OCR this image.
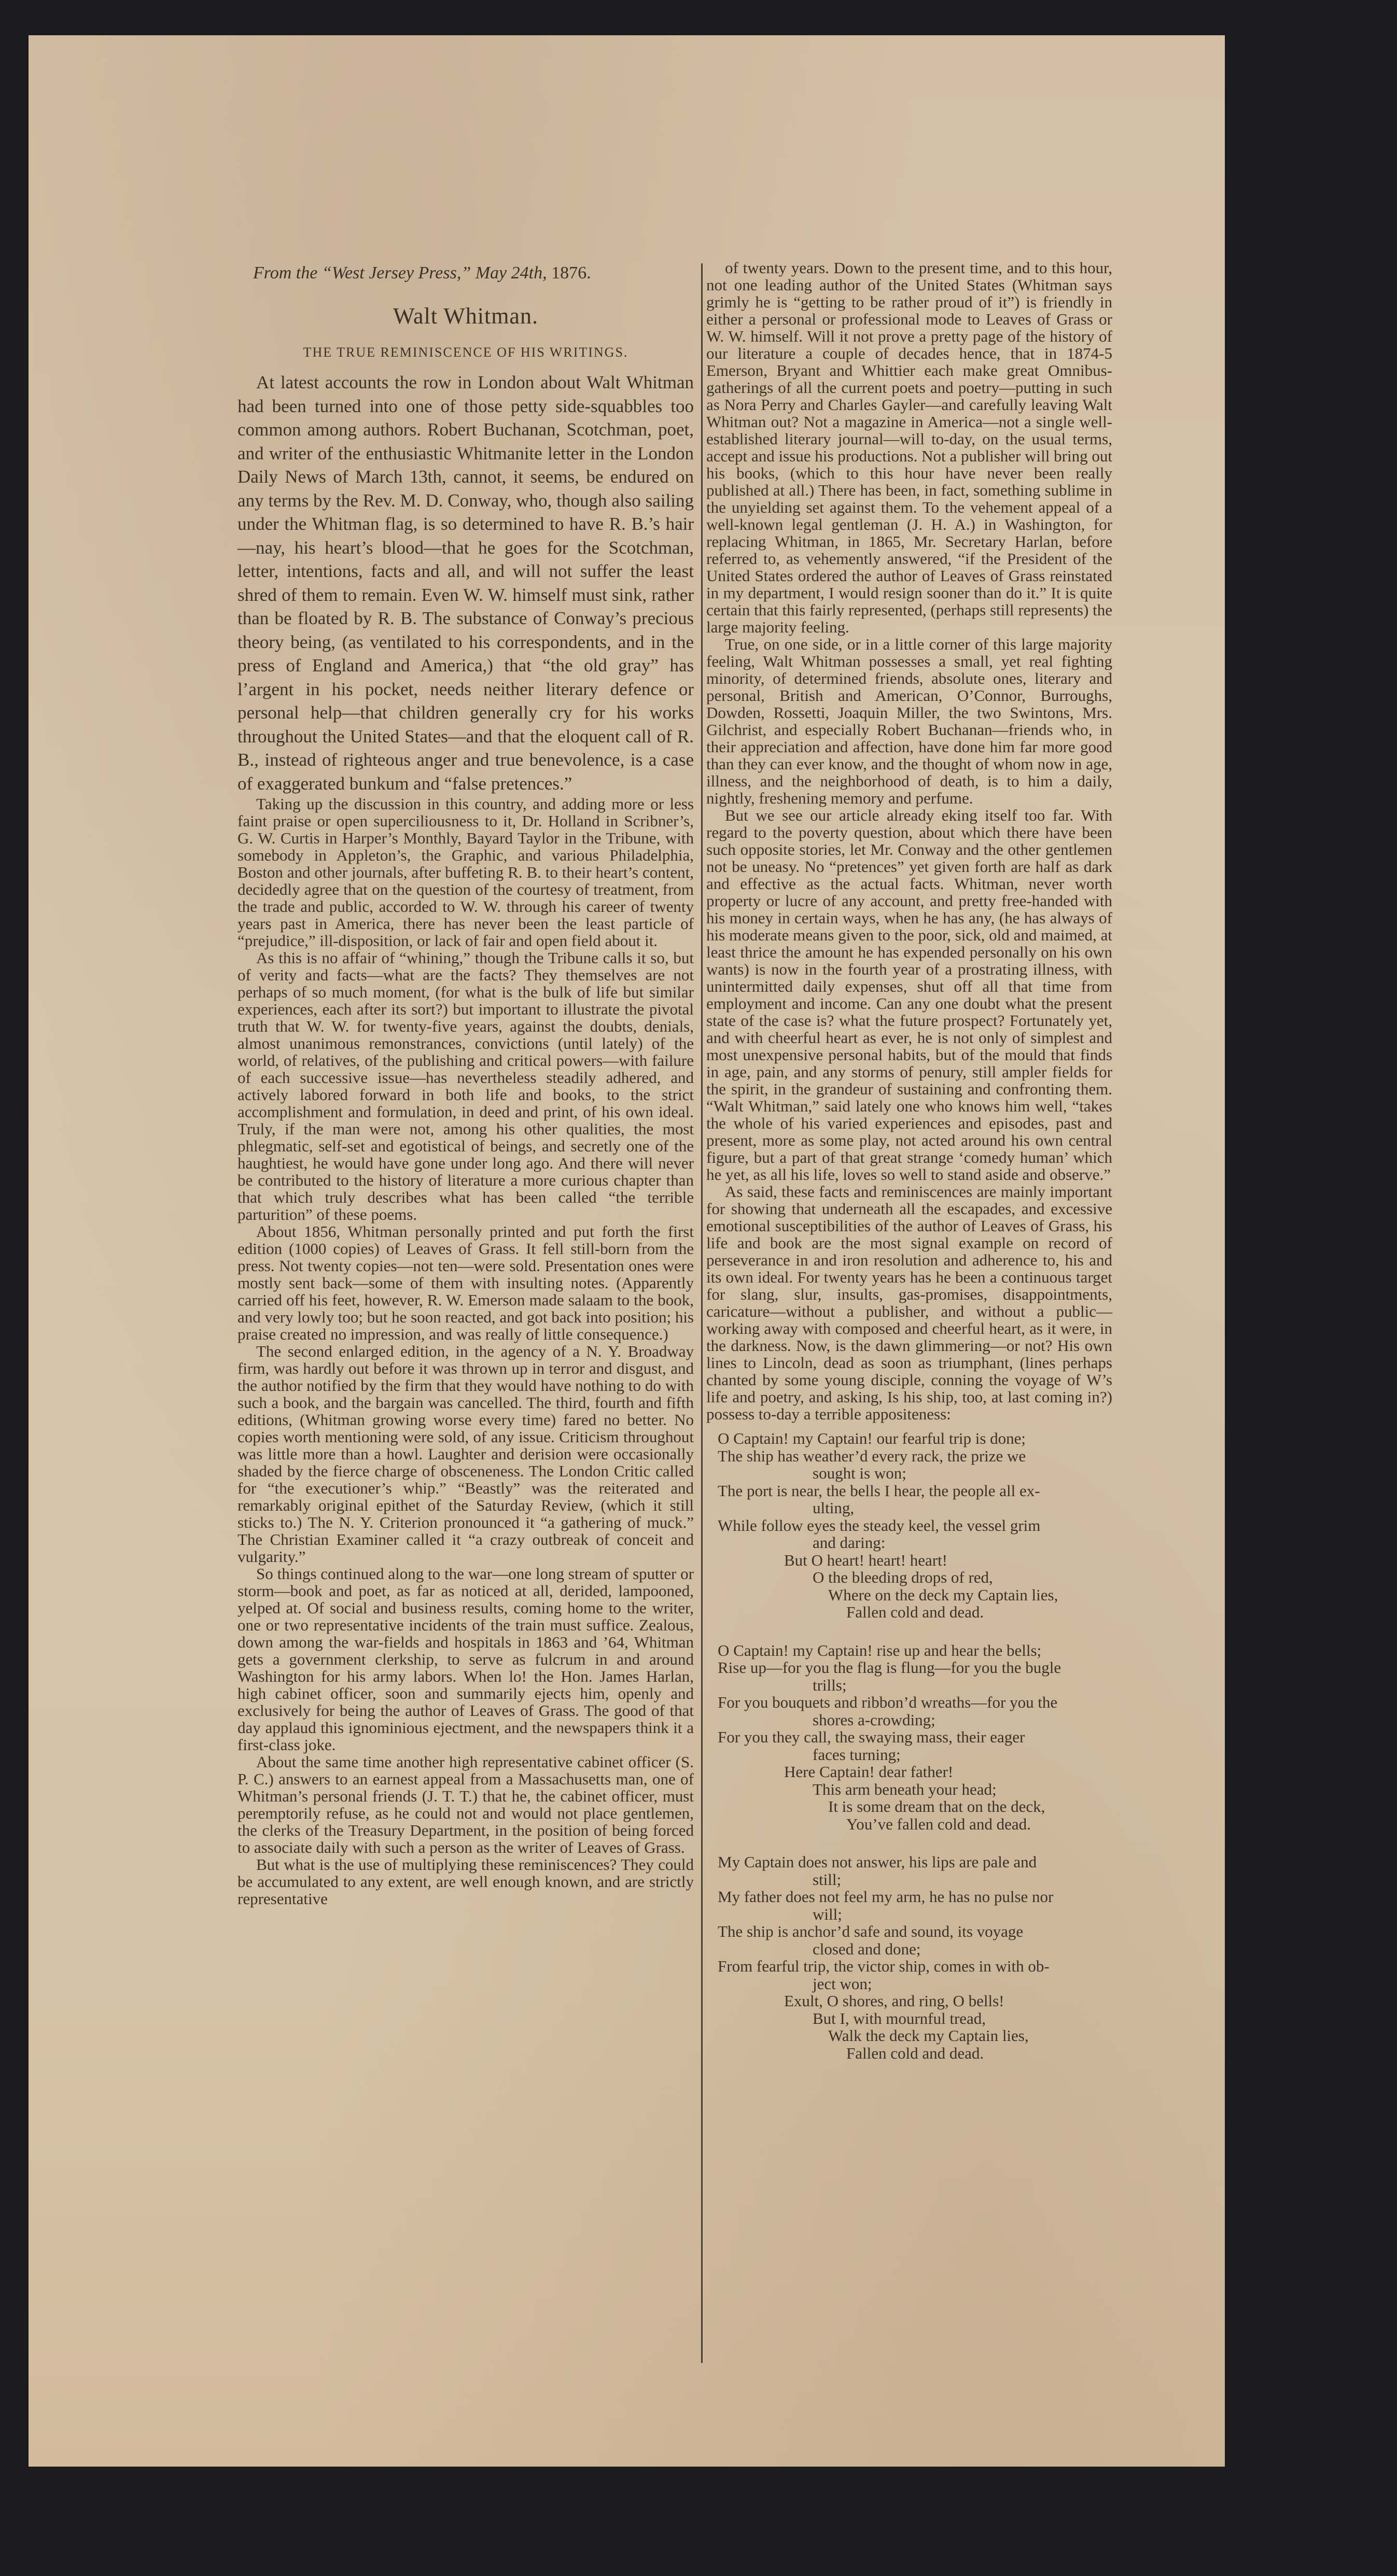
From the “West Jersey Press,” May 24th, 1876.
Walt Whitman.
THE TRUE REMINISCENCE OF HIS WRITINGS.

At latest accounts the row in London about Walt Whitman had been turned into one of those petty side-squabbles too common among authors. Robert Buchanan, Scotchman, poet, and writer of the enthusiastic Whitmanite letter in the London Daily News of March 13th, cannot, it seems, be endured on any terms by the Rev. M. D. Conway, who, though also sailing under the Whitman flag, is so determined to have R. B.’s hair—nay, his heart’s blood—that he goes for the Scotchman, letter, intentions, facts and all, and will not suffer the least shred of them to remain. Even W. W. himself must sink, rather than be floated by R. B. The substance of Conway’s precious theory being, (as ventilated to his correspondents, and in the press of England and America,) that “the old gray” has l’argent in his pocket, needs neither literary defence or personal help—that children generally cry for his works throughout the United States—and that the eloquent call of R. B., instead of righteous anger and true benevolence, is a case of exaggerated bunkum and “false pretences.”

Taking up the discussion in this country, and adding more or less faint praise or open superciliousness to it, Dr. Holland in Scribner’s, G. W. Curtis in Harper’s Monthly, Bayard Taylor in the Tribune, with somebody in Appleton’s, the Graphic, and various Philadelphia, Boston and other journals, after buffeting R. B. to their heart’s content, decidedly agree that on the question of the courtesy of treatment, from the trade and public, accorded to W. W. through his career of twenty years past in America, there has never been the least particle of “prejudice,” ill-disposition, or lack of fair and open field about it.

As this is no affair of “whining,” though the Tribune calls it so, but of verity and facts—what are the facts? They themselves are not perhaps of so much moment, (for what is the bulk of life but similar experiences, each after its sort?) but important to illustrate the pivotal truth that W. W. for twenty-five years, against the doubts, denials, almost unanimous remonstrances, convictions (until lately) of the world, of relatives, of the publishing and critical powers—with failure of each successive issue—has nevertheless steadily adhered, and actively labored forward in both life and books, to the strict accomplishment and formulation, in deed and print, of his own ideal. Truly, if the man were not, among his other qualities, the most phlegmatic, self-set and egotistical of beings, and secretly one of the haughtiest, he would have gone under long ago. And there will never be contributed to the history of literature a more curious chapter than that which truly describes what has been called “the terrible parturition” of these poems.

About 1856, Whitman personally printed and put forth the first edition (1000 copies) of Leaves of Grass. It fell still-born from the press. Not twenty copies—not ten—were sold. Presentation ones were mostly sent back—some of them with insulting notes. (Apparently carried off his feet, however, R. W. Emerson made salaam to the book, and very lowly too; but he soon reacted, and got back into position; his praise created no impression, and was really of little consequence.)

The second enlarged edition, in the agency of a N. Y. Broadway firm, was hardly out before it was thrown up in terror and disgust, and the author notified by the firm that they would have nothing to do with such a book, and the bargain was cancelled. The third, fourth and fifth editions, (Whitman growing worse every time) fared no better. No copies worth mentioning were sold, of any issue. Criticism throughout was little more than a howl. Laughter and derision were occasionally shaded by the fierce charge of obsceneness. The London Critic called for “the executioner’s whip.” “Beastly” was the reiterated and remarkably original epithet of the Saturday Review, (which it still sticks to.) The N. Y. Criterion pronounced it “a gathering of muck.” The Christian Examiner called it “a crazy outbreak of conceit and vulgarity.”

So things continued along to the war—one long stream of sputter or storm—book and poet, as far as noticed at all, derided, lampooned, yelped at. Of social and business results, coming home to the writer, one or two representative incidents of the train must suffice. Zealous, down among the war-fields and hospitals in 1863 and ’64, Whitman gets a government clerkship, to serve as fulcrum in and around Washington for his army labors. When lo! the Hon. James Harlan, high cabinet officer, soon and summarily ejects him, openly and exclusively for being the author of Leaves of Grass. The good of that day applaud this ignominious ejectment, and the newspapers think it a first-class joke.

About the same time another high representative cabinet officer (S. P. C.) answers to an earnest appeal from a Massachusetts man, one of Whitman’s personal friends (J. T. T.) that he, the cabinet officer, must peremptorily refuse, as he could not and would not place gentlemen, the clerks of the Treasury Department, in the position of being forced to associate daily with such a person as the writer of Leaves of Grass.

But what is the use of multiplying these reminiscences? They could be accumulated to any extent, are well enough known, and are strictly representative

of twenty years. Down to the present time, and to this hour, not one leading author of the United States (Whitman says grimly he is “getting to be rather proud of it”) is friendly in either a personal or professional mode to Leaves of Grass or W. W. himself. Will it not prove a pretty page of the history of our literature a couple of decades hence, that in 1874-5 Emerson, Bryant and Whittier each make great Omnibus-gatherings of all the current poets and poetry—putting in such as Nora Perry and Charles Gayler—and carefully leaving Walt Whitman out? Not a magazine in America—not a single well-established literary journal—will to-day, on the usual terms, accept and issue his productions. Not a publisher will bring out his books, (which to this hour have never been really published at all.) There has been, in fact, something sublime in the unyielding set against them. To the vehement appeal of a well-known legal gentleman (J. H. A.) in Washington, for replacing Whitman, in 1865, Mr. Secretary Harlan, before referred to, as vehemently answered, “if the President of the United States ordered the author of Leaves of Grass reinstated in my department, I would resign sooner than do it.” It is quite certain that this fairly represented, (perhaps still represents) the large majority feeling.

True, on one side, or in a little corner of this large majority feeling, Walt Whitman possesses a small, yet real fighting minority, of determined friends, absolute ones, literary and personal, British and American, O’Connor, Burroughs, Dowden, Rossetti, Joaquin Miller, the two Swintons, Mrs. Gilchrist, and especially Robert Buchanan—friends who, in their appreciation and affection, have done him far more good than they can ever know, and the thought of whom now in age, illness, and the neighborhood of death, is to him a daily, nightly, freshening memory and perfume.

But we see our article already eking itself too far. With regard to the poverty question, about which there have been such opposite stories, let Mr. Conway and the other gentlemen not be uneasy. No “pretences” yet given forth are half as dark and effective as the actual facts. Whitman, never worth property or lucre of any account, and pretty free-handed with his money in certain ways, when he has any, (he has always of his moderate means given to the poor, sick, old and maimed, at least thrice the amount he has expended personally on his own wants) is now in the fourth year of a prostrating illness, with unintermitted daily expenses, shut off all that time from employment and income. Can any one doubt what the present state of the case is? what the future prospect? Fortunately yet, and with cheerful heart as ever, he is not only of simplest and most unexpensive personal habits, but of the mould that finds in age, pain, and any storms of penury, still ampler fields for the spirit, in the grandeur of sustaining and confronting them. “Walt Whitman,” said lately one who knows him well, “takes the whole of his varied experiences and episodes, past and present, more as some play, not acted around his own central figure, but a part of that great strange ‘comedy human’ which he yet, as all his life, loves so well to stand aside and observe.”

As said, these facts and reminiscences are mainly important for showing that underneath all the escapades, and excessive emotional susceptibilities of the author of Leaves of Grass, his life and book are the most signal example on record of perseverance in and iron resolution and adherence to, his and its own ideal. For twenty years has he been a continuous target for slang, slur, insults, gas-promises, disappointments, caricature—without a publisher, and without a public—working away with composed and cheerful heart, as it were, in the darkness. Now, is the dawn glimmering—or not? His own lines to Lincoln, dead as soon as triumphant, (lines perhaps chanted by some young disciple, conning the voyage of W’s life and poetry, and asking, Is his ship, too, at last coming in?) possess to-day a terrible appositeness:

O Captain! my Captain! our fearful trip is done;
The ship has weather’d every rack, the prize we
sought is won;
The port is near, the bells I hear, the people all ex-
ulting,
While follow eyes the steady keel, the vessel grim
and daring:
But O heart! heart! heart!
O the bleeding drops of red,
Where on the deck my Captain lies,
Fallen cold and dead.
O Captain! my Captain! rise up and hear the bells;
Rise up—for you the flag is flung—for you the bugle
trills;
For you bouquets and ribbon’d wreaths—for you the
shores a-crowding;
For you they call, the swaying mass, their eager
faces turning;
Here Captain! dear father!
This arm beneath your head;
It is some dream that on the deck,
You’ve fallen cold and dead.
My Captain does not answer, his lips are pale and
still;
My father does not feel my arm, he has no pulse nor
will;
The ship is anchor’d safe and sound, its voyage
closed and done;
From fearful trip, the victor ship, comes in with ob-
ject won;
Exult, O shores, and ring, O bells!
But I, with mournful tread,
Walk the deck my Captain lies,
Fallen cold and dead.
